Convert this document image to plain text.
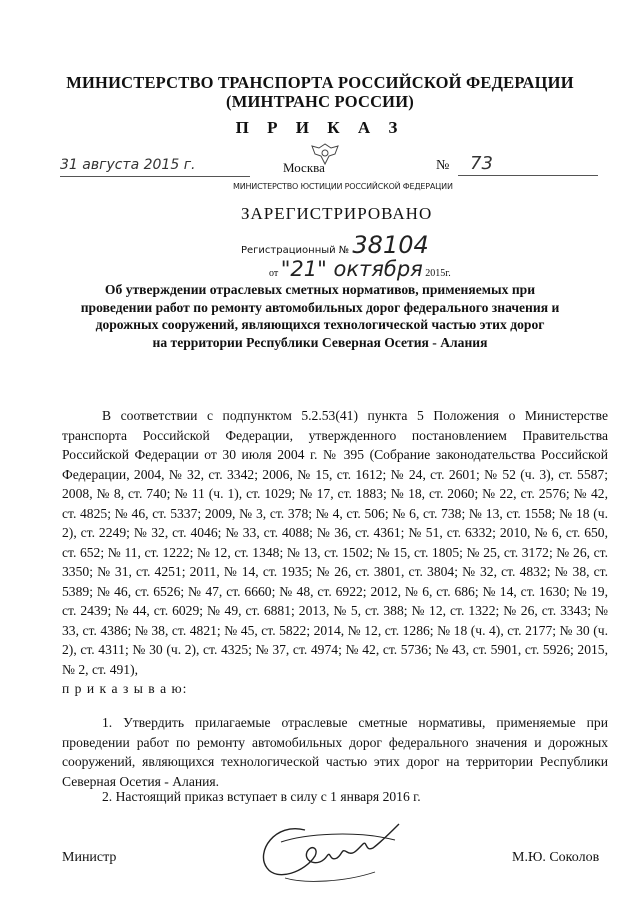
МИНИСТЕРСТВО ТРАНСПОРТА РОССИЙСКОЙ ФЕДЕРАЦИИ
(МИНТРАНС РОССИИ)
П Р И К А З
31 августа 2015 г.	№ 73
Москва
МИНИСТЕРСТВО ЮСТИЦИИ РОССИЙСКОЙ ФЕДЕРАЦИИ
ЗАРЕГИСТРИРОВАНО
Регистрационный № 38104
от "21" октября 2015г.
Об утверждении отраслевых сметных нормативов, применяемых при
проведении работ по ремонту автомобильных дорог федерального значения и
дорожных сооружений, являющихся технологической частью этих дорог
на территории Республики Северная Осетия - Алания
В соответствии с подпунктом 5.2.53(41) пункта 5 Положения о Министерстве транспорта Российской Федерации, утвержденного постановлением Правительства Российской Федерации от 30 июля 2004 г. № 395 (Собрание законодательства Российской Федерации, 2004, № 32, ст. 3342; 2006, № 15, ст. 1612; № 24, ст. 2601; № 52 (ч. 3), ст. 5587; 2008, № 8, ст. 740; № 11 (ч. 1), ст. 1029; № 17, ст. 1883; № 18, ст. 2060; № 22, ст. 2576; № 42, ст. 4825; № 46, ст. 5337; 2009, № 3, ст. 378; № 4, ст. 506; № 6, ст. 738; № 13, ст. 1558; № 18 (ч. 2), ст. 2249; № 32, ст. 4046; № 33, ст. 4088; № 36, ст. 4361; № 51, ст. 6332; 2010, № 6, ст. 650, ст. 652; № 11, ст. 1222; № 12, ст. 1348; № 13, ст. 1502; № 15, ст. 1805; № 25, ст. 3172; № 26, ст. 3350; № 31, ст. 4251; 2011, № 14, ст. 1935; № 26, ст. 3801, ст. 3804; № 32, ст. 4832; № 38, ст. 5389; № 46, ст. 6526; № 47, ст. 6660; № 48, ст. 6922; 2012, № 6, ст. 686; № 14, ст. 1630; № 19, ст. 2439; № 44, ст. 6029; № 49, ст. 6881; 2013, № 5, ст. 388; № 12, ст. 1322; № 26, ст. 3343; № 33, ст. 4386; № 38, ст. 4821; № 45, ст. 5822; 2014, № 12, ст. 1286; № 18 (ч. 4), ст. 2177; № 30 (ч. 2), ст. 4311; № 30 (ч. 2), ст. 4325; № 37, ст. 4974; № 42, ст. 5736; № 43, ст. 5901, ст. 5926; 2015, № 2, ст. 491),
п р и к а з ы в а ю:
1. Утвердить прилагаемые отраслевые сметные нормативы, применяемые при проведении работ по ремонту автомобильных дорог федерального значения и дорожных сооружений, являющихся технологической частью этих дорог на территории Республики Северная Осетия - Алания.
2. Настоящий приказ вступает в силу с 1 января 2016 г.
Министр	М.Ю. Соколов
